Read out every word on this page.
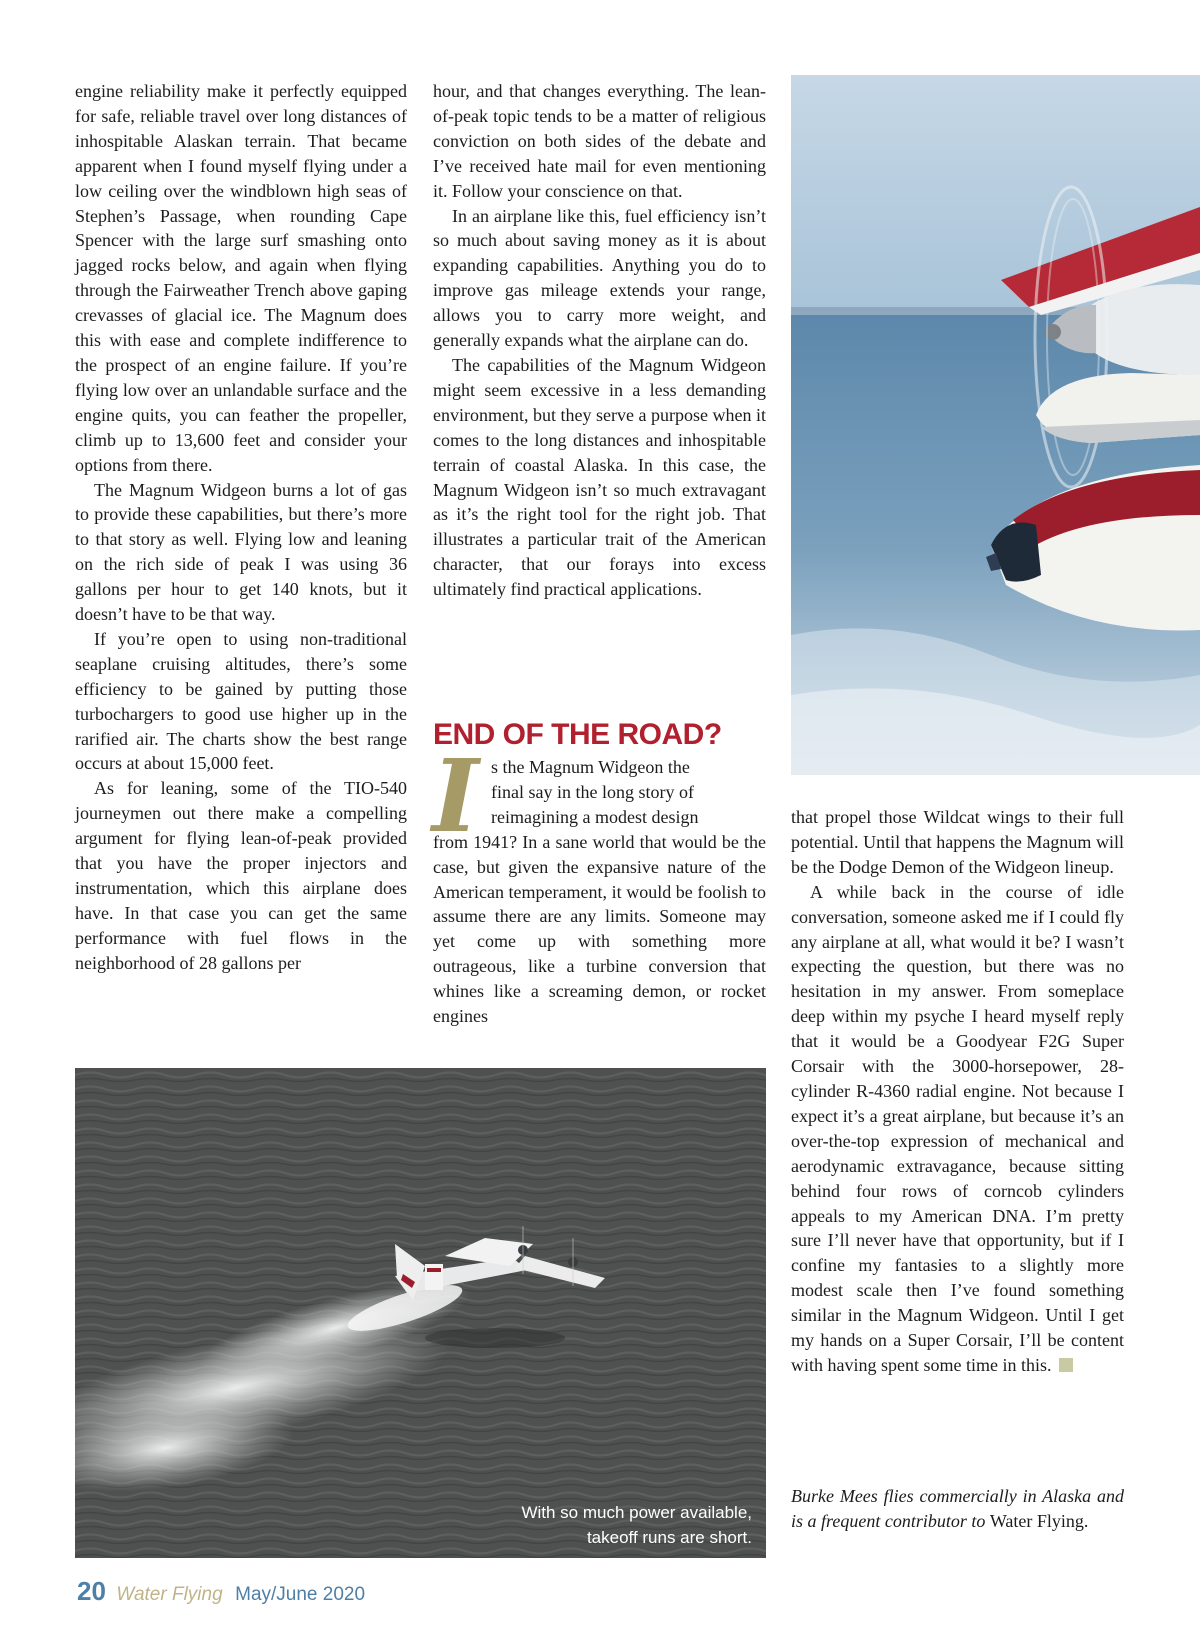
engine reliability make it perfectly equipped for safe, reliable travel over long distances of inhospitable Alaskan terrain. That became apparent when I found myself flying under a low ceiling over the windblown high seas of Stephen’s Passage, when rounding Cape Spencer with the large surf smashing onto jagged rocks below, and again when flying through the Fairweather Trench above gaping crevasses of glacial ice. The Magnum does this with ease and complete indifference to the prospect of an engine failure. If you’re flying low over an unlandable surface and the engine quits, you can feather the propeller, climb up to 13,600 feet and consider your options from there.

The Magnum Widgeon burns a lot of gas to provide these capabilities, but there’s more to that story as well. Flying low and leaning on the rich side of peak I was using 36 gallons per hour to get 140 knots, but it doesn’t have to be that way.

If you’re open to using non-traditional seaplane cruising altitudes, there’s some efficiency to be gained by putting those turbochargers to good use higher up in the rarified air. The charts show the best range occurs at about 15,000 feet.

As for leaning, some of the TIO-540 journeymen out there make a compelling argument for flying lean-of-peak provided that you have the proper injectors and instrumentation, which this airplane does have. In that case you can get the same performance with fuel flows in the neighborhood of 28 gallons per

hour, and that changes everything. The lean-of-peak topic tends to be a matter of religious conviction on both sides of the debate and I’ve received hate mail for even mentioning it. Follow your conscience on that.

In an airplane like this, fuel efficiency isn’t so much about saving money as it is about expanding capabilities. Anything you do to improve gas mileage extends your range, allows you to carry more weight, and generally expands what the airplane can do.

The capabilities of the Magnum Widgeon might seem excessive in a less demanding environment, but they serve a purpose when it comes to the long distances and inhospitable terrain of coastal Alaska. In this case, the Magnum Widgeon isn’t so much extravagant as it’s the right tool for the right job. That illustrates a particular trait of the American character, that our forays into excess ultimately find practical applications.

END OF THE ROAD?
I s the Magnum Widgeon the

final say in the long story of

reimagining a modest design

from 1941? In a sane world that would be the case, but given the expansive nature of the American temperament, it would be foolish to assume there are any limits. Someone may yet come up with something more outrageous, like a turbine conversion that whines like a screaming demon, or rocket engines

With so much power available,
takeoff runs are short.

that propel those Wildcat wings to their full potential. Until that happens the Magnum will be the Dodge Demon of the Widgeon lineup.

A while back in the course of idle conversation, someone asked me if I could fly any airplane at all, what would it be? I wasn’t expecting the question, but there was no hesitation in my answer. From someplace deep within my psyche I heard myself reply that it would be a Goodyear F2G Super Corsair with the 3000-horsepower, 28-cylinder R-4360 radial engine. Not because I expect it’s a great airplane, but because it’s an over-the-top expression of mechanical and aerodynamic extravagance, because sitting behind four rows of corncob cylinders appeals to my American DNA. I’m pretty sure I’ll never have that opportunity, but if I confine my fantasies to a slightly more modest scale then I’ve found something similar in the Magnum Widgeon. Until I get my hands on a Super Corsair, I’ll be content with having spent some time in this.

Burke Mees flies commercially in Alaska and is a frequent contributor to Water Flying.
20 Water Flying May/June 2020
